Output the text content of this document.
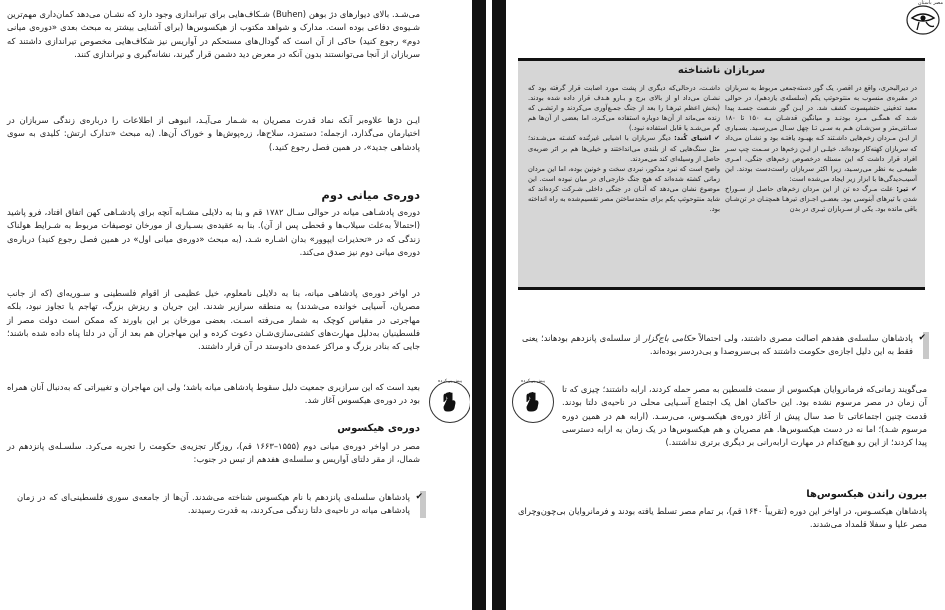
می‌شـد. بالای دیوارهای دژ بوهن (Buhen) شـکاف‌هایی برای تیراندازی وجود دارد که نشـان می‌دهد کمان‌داری مهم‌ترین شـیوه‌ی دفاعی بوده است. مدارک و شواهد مکتوب از هیکسوس‌ها (برای آشنایی بیشتر به مبحث بعدی «دوره‌ی میانی دوم» رجوع کنید) حاکی از آن است که گودال‌های مستحکم در آواریس نیز شکاف‌هایی مخصوص تیراندازی داشتند که سربازان از آنجا می‌توانستند بدون آنکه در معرض دید دشمن قرار گیرند، نشانه‌گیری و تیراندازی کنند.
ایـن دژها علاوه‌بر آنکه نماد قدرت مصریان به شـمار می‌آیـد، انبوهی از اطلاعات را درباره‌ی زندگی سربازان در اختیارمان می‌گذارد، ازجمله: دستمزد، سلاح‌ها، زره‌پوش‌ها و خوراک آن‌ها. (به مبحث «تدارک ارتش: کلیدی به سوی پادشاهی جدید»، در همین فصل رجوع کنید.)
دوره‌ی میانی دوم
دوره‌ی پادشـاهی میانه در حوالی سـال ۱۷۸۲ قم و بنا به دلایلی مشـابه آنچه برای پادشـاهی کهن اتفاق افتاد، فرو پاشید (احتمالاً به‌علت سیلاب‌ها و قحطی پس از آن). بنا به عقیده‌ی بسـیاری از مورخان توصیفات مربوط به شـرایط هولناک زندگی که در «تحذیرات ایپوور» بدان اشـاره شـد، (به مبحث «دوره‌ی میانی اول» در همین فصل رجوع کنید) درباره‌ی دوره‌ی میانی دوم نیز صدق می‌کند.
در اواخر دوره‌ی پادشاهی میانه، بنا به دلایلی نامعلوم، خیل عظیمی از اقوام فلسطینی و سـوریه‌ای (که از جانب مصریان، آسیایی خوانده می‌شدند) به منطقه سرازیر شدند. این جریان و ریزش بزرگ، تهاجم یا تجاوز نبود، بلکه مهاجرتی در مقیاس کوچک به شمار می‌رفته اسـت. بعضی مورخان بر این باورند که ممکن است دولت مصر از فلسطینیان به‌دلیل مهارت‌های کشتی‌سازی‌شـان دعوت کرده و این مهاجران هم بعد از آن در دلتا پناه داده شده باشند؛ جایی که بنادر بزرگ و مراکز عمده‌ی دادوستد در آن قرار داشتند.
بعید است که این سرازیری جمعیت دلیل سقوط پادشاهی میانه باشد؛ ولی این مهاجران و تغییراتی که به‌دنبال آنان همراه بود در دوره‌ی هیکسوس آغاز شد.
پیش پر کرده
دوره‌ی هیکسوس
مصر در اواخر دوره‌ی میانی دوم (۱۵۵۵–۱۶۶۳ قم)، روزگار تجزیه‌ی حکومت را تجربه می‌کرد. سلسـله‌ی پانزدهم در شمال، از مقر دلتای آواریس و سلسله‌ی هفدهم از تبس در جنوب:
✔
پادشاهان سلسله‌ی پانزدهم با نام هیکسوس شناخته می‌شدند. آن‌ها از جامعه‌ی سوری فلسطینی‌ای که در زمان پادشاهی میانه در ناحیه‌ی دلتا زندگی می‌کردند، به قدرت رسیدند.
مصر باستان
سربازان ناشناخته

در دیرالبحری، واقع در اقصر، یک گور دسته‌جمعی مربوط به سربازان در مقبره‌ی منسوب به منتوحوتپ یکم (سلسله‌ی یازدهم)، در حوالی معبد تدفینی حتشپسوت کشف شد. در ایـن گور شـصت جسـد پیدا شـد که همگـی مـرد بودنـد و میانگین قدشـان بـه ۱۵۰ تا ۱۸۰ سـانتی‌متر و سن‌شـان هـم به سـی تـا چهل سـال می‌رسـید. بسـیاری از ایـن مـردان زخم‌هایی داشـتند کـه بهبـود یافتـه بود و نشـان می‌داد که سربازان کهنه‌کار بوده‌اند. خیلـی از ایـن زخم‌ها در سـمت چپ سـر افراد قرار داشت که این مسئله درخصوص زخم‌های جنگی، امـری طبیعـی به نظر می‌رسـید، زیرا اکثر سربازان راست‌دست بودند. این آسیب‌دیدگی‌ها با ابزار زیر ایجاد می‌شده است:

✔ تیر: علت مـرگ ده تن از این مردان زخم‌های حاصل از سـوراخ شدن با تیرهای آبنوسی بود. بعضـی اجـزای تیرهـا همچنـان در تن‌شـان باقی مانده بود. یکی از سـربازان تیـری در بدن

داشـت، درحالی‌که دیگری از پشت مورد اصابت قرار گرفته بود که نشـان می‌داد او از بالای برج و بـارو هـدف قرار داده شده بودند. (بخش اعظم تیرهـا را بعد از جنگ جمـع‌آوری می‌کردند و ارتشـی که زنده می‌ماند از آن‌ها دوباره استفاده می‌کـرد، اما بعضی از آن‌ها هم گم می‌شـد یا قابل استفاده نبود.)

✔ اشیای کُند: دیگر سربازان با اشیایی غیرتُنده کشـته می‌شـدند؛ مثل سنگ‌هایی که از بلندی می‌انداختند و خیلی‌ها هم بر اثر ضربه‌ی حاصل از وسیله‌ای کند می‌مردند.

واضح است که نبرد مذکور، نبردی سخت و خونین بوده، اما این مردان زمانی کشته شده‌اند که هیچ جنگ خارجی‌ای در میان نبوده است. این موضوع نشان می‌دهد که آنـان در جنگی داخلی شـرکت کرده‌اند که شاید منتوحوتپ یکم برای متحدساختن مصر تقسیم‌شده به راه انداخته بود.

✔
پادشاهان سلسله‌ی هفدهم اصالت مصری داشتند، ولی احتمالاً حکامی باج‌گزار از سلسله‌ی پانزدهم بودهاند؛ یعنی فقط به این دلیل اجازه‌ی حکومت داشتند که بی‌سروصدا و بی‌دردسر بوده‌اند.
پیش پر کرده
می‌گویند زمانی‌که فرمانروایان هیکسوس از سمت فلسطین به مصر حمله کردند، ارابه داشتند؛ چیزی که تا آن زمان در مصر مرسوم نشده بود. این حاکمان اهل یک اجتماع آسـیایی محلی در ناحیه‌ی دلتا بودند. قدمت چنین اجتماعاتی تا صد سال پیش از آغاز دوره‌ی هیکسـوس، می‌رسـد. (ارابه هم در همین دوره مرسوم شـد)؛ اما نه در دست هیکسوس‌ها. هم مصریان و هم هیکسوس‌ها در یک زمان به ارابه دسترسی پیدا کردند؛ از این رو هیچ‌کدام در مهارت ارابه‌رانی بر دیگری برتری نداشتند.)
بیرون راندن هیکسوس‌ها
پادشاهان هیکسـوس، در اواخر این دوره (تقریباً ۱۶۴۰ قم)، بر تمام مصر تسلط یافته بودند و فرمانروایان بی‌چون‌وچرای مصر علیا و سفلا قلمداد می‌شدند.
